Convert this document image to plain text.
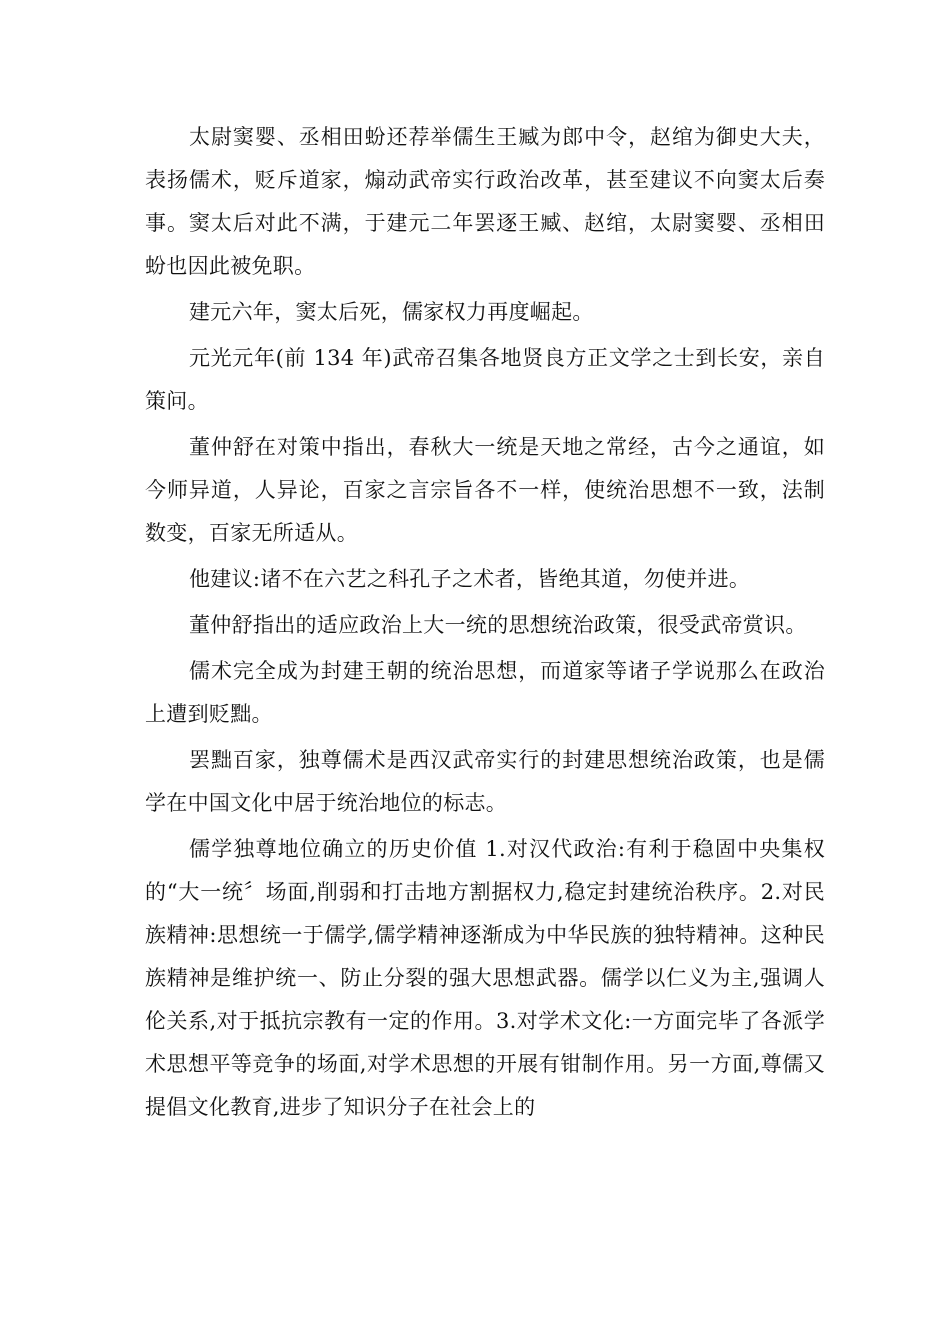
太尉窦婴、丞相田蚡还荐举儒生王臧为郎中令，赵绾为御史大夫，表扬儒术，贬斥道家，煽动武帝实行政治改革，甚至建议不向窦太后奏事。窦太后对此不满，于建元二年罢逐王臧、赵绾，太尉窦婴、丞相田蚡也因此被免职。

建元六年，窦太后死，儒家权力再度崛起。

元光元年(前 134 年)武帝召集各地贤良方正文学之士到长安，亲自策问。

董仲舒在对策中指出，春秋大一统是天地之常经，古今之通谊，如今师异道，人异论，百家之言宗旨各不一样，使统治思想不一致，法制数变，百家无所适从。

他建议:诸不在六艺之科孔子之术者，皆绝其道，勿使并进。

董仲舒指出的适应政治上大一统的思想统治政策，很受武帝赏识。

儒术完全成为封建王朝的统治思想，而道家等诸子学说那么在政治上遭到贬黜。

罢黜百家，独尊儒术是西汉武帝实行的封建思想统治政策，也是儒学在中国文化中居于统治地位的标志。

儒学独尊地位确立的历史价值 1.对汉代政治:有利于稳固中央集权的“大一统〞场面,削弱和打击地方割据权力,稳定封建统治秩序。2.对民族精神:思想统一于儒学,儒学精神逐渐成为中华民族的独特精神。这种民族精神是维护统一、防止分裂的强大思想武器。儒学以仁义为主,强调人伦关系,对于抵抗宗教有一定的作用。3.对学术文化:一方面完毕了各派学术思想平等竞争的场面,对学术思想的开展有钳制作用。另一方面,尊儒又提倡文化教育,进步了知识分子在社会上的
